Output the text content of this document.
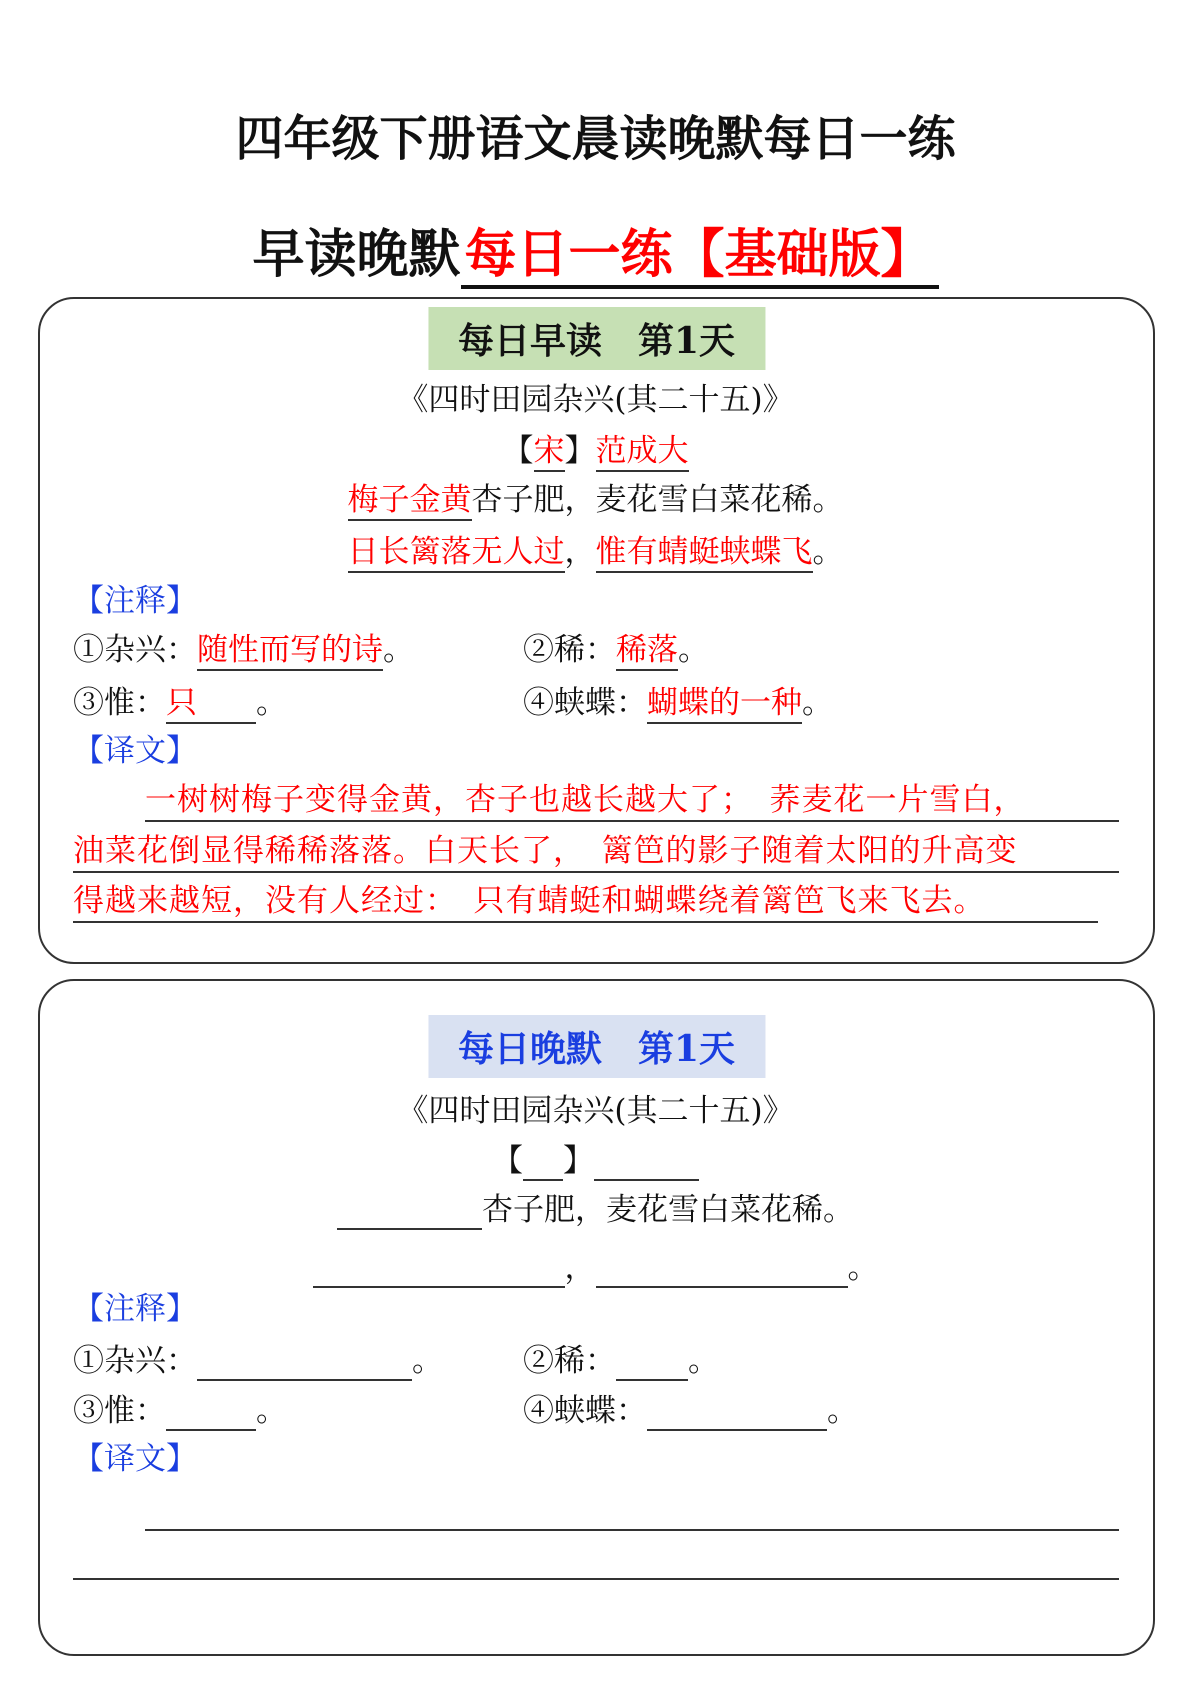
四年级下册语文晨读晚默每日一练
早读晚默每日一练【基础版】
每日早读　第1天
《四时田园杂兴(其二十五)》
【宋】范成大
梅子金黄杏子肥，麦花雪白菜花稀。
日长篱落无人过，惟有蜻蜓蛱蝶飞。
【注释】
①杂兴：随性而写的诗。	②稀：稀落。
③惟：只 。	④蛱蝶：蝴蝶的一种。
【译文】
一树树梅子变得金黄，杏子也越长越大了；　荞麦花一片雪白，
油菜花倒显得稀稀落落。白天长了，　篱笆的影子随着太阳的升高变
得越来越短，没有人经过：　只有蜻蜓和蝴蝶绕着篱笆飞来飞去。
每日晚默　第1天
《四时田园杂兴(其二十五)》
【 】
杏子肥，麦花雪白菜花稀。
，	。
【注释】
①杂兴：	。	②稀： 。
③惟：	。	④蛱蝶：	。
【译文】
